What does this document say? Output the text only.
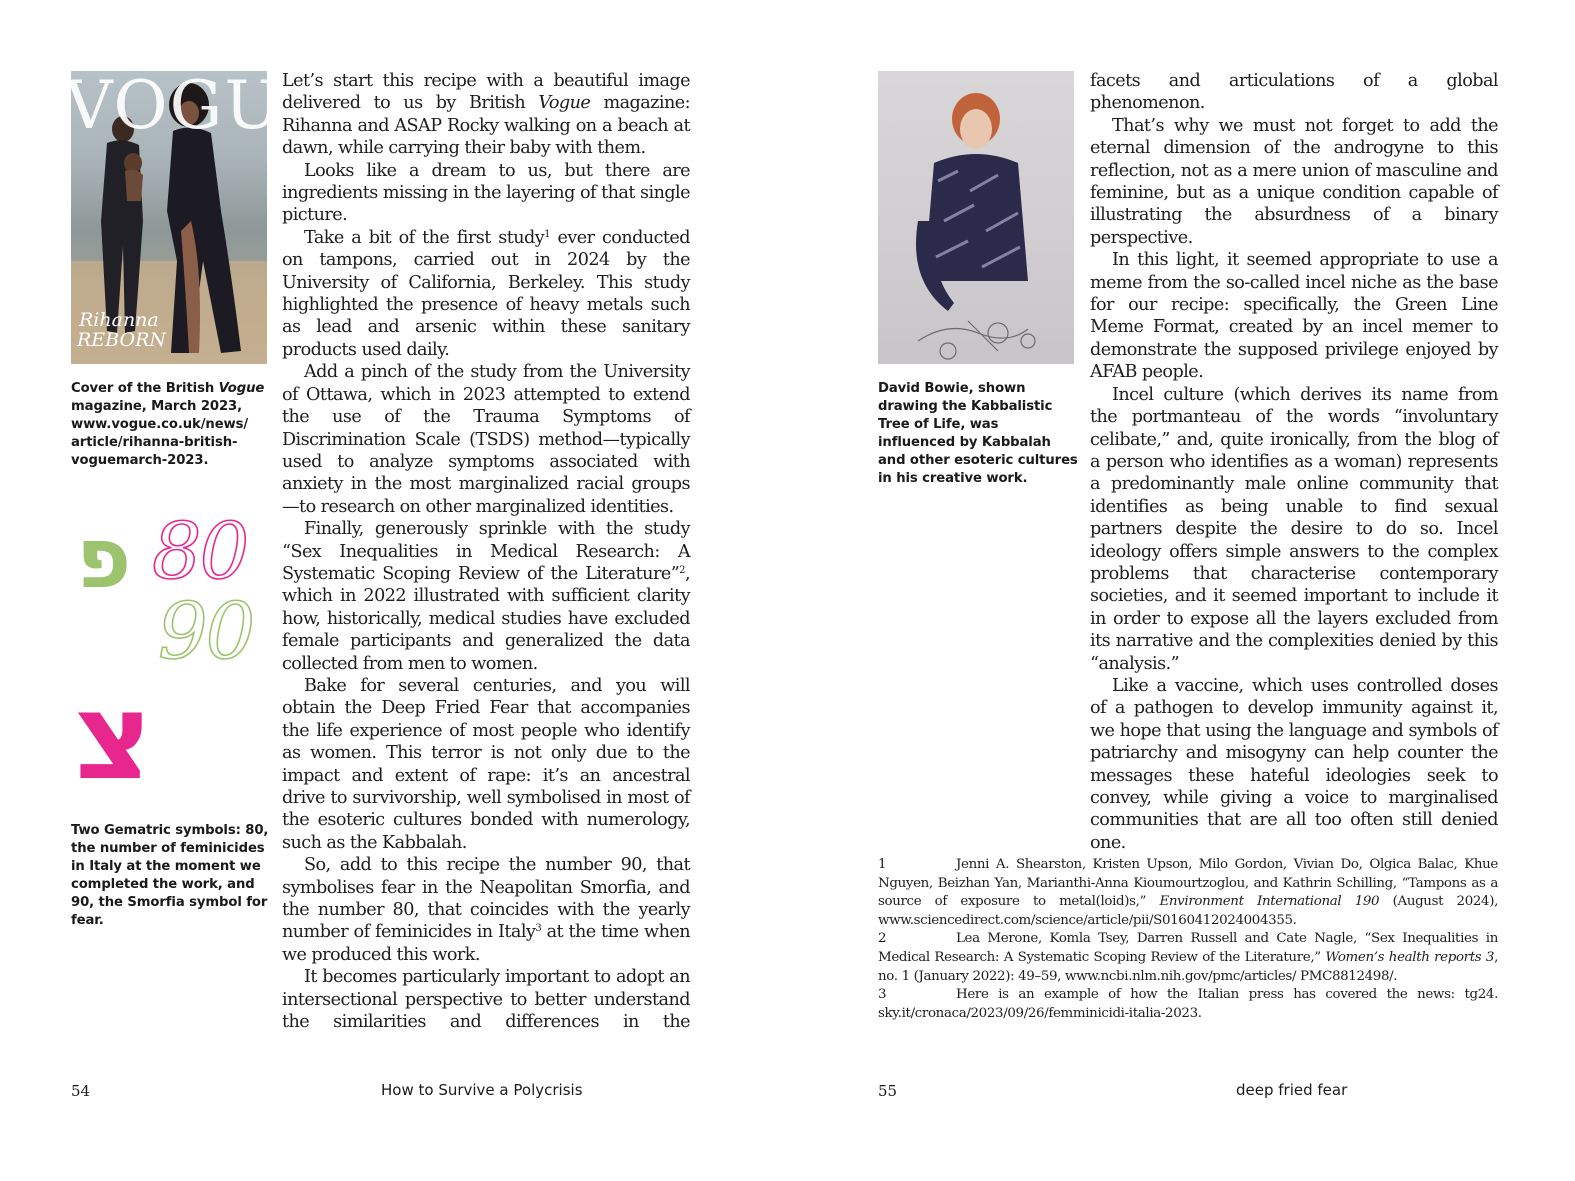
VOGUE
Rihanna
REBORN

Cover of the British Vogue magazine, March 2023, www.vogue.co.uk/news/ article/rihanna-british- voguemarch-2023.

פ 80
90
צ
Two Gematric symbols: 80, the number of feminicides in Italy at the moment we completed the work, and 90, the Smorfia symbol for fear.

Let’s start this recipe with a beautiful image delivered to us by British Vogue magazine: Rihanna and ASAP Rocky walking on a beach at dawn, while carrying their baby with them.

Looks like a dream to us, but there are ingredients missing in the layering of that single picture.

Take a bit of the first study$^1$ ever conducted on tampons, carried out in 2024 by the University of California, Berkeley. This study highlighted the presence of heavy metals such as lead and arsenic within these sanitary products used daily.

Add a pinch of the study from the University of Ottawa, which in 2023 attempted to extend the use of the Trauma Symptoms of Discrimination Scale (TSDS) method—typically used to analyze symptoms associated with anxiety in the most marginalized racial groups—to research on other marginalized identities.

Finally, generously sprinkle with the study “Sex Inequalities in Medical Research: A Systematic Scoping Review of the Literature”$^2$, which in 2022 illustrated with sufficient clarity how, historically, medical studies have excluded female participants and generalized the data collected from men to women.

Bake for several centuries, and you will obtain the Deep Fried Fear that accompanies the life experience of most people who identify as women. This terror is not only due to the impact and extent of rape: it’s an ancestral drive to survivorship, well symbolised in most of the esoteric cultures bonded with numerology, such as the Kabbalah.

So, add to this recipe the number 90, that symbolises fear in the Neapolitan Smorfia, and the number 80, that coincides with the yearly number of feminicides in Italy$^3$ at the time when we produced this work.

It becomes particularly important to adopt an intersectional perspective to better understand the similarities and differences in the

54	How to Survive a Polycrisis
David Bowie, shown drawing the Kabbalistic Tree of Life, was influenced by Kabbalah and other esoteric cultures in his creative work.

facets and articulations of a global phenomenon.

That’s why we must not forget to add the eternal dimension of the androgyne to this reflection, not as a mere union of masculine and feminine, but as a unique condition capable of illustrating the absurdness of a binary perspective.

In this light, it seemed appropriate to use a meme from the so-called incel niche as the base for our recipe: specifically, the Green Line Meme Format, created by an incel memer to demonstrate the supposed privilege enjoyed by AFAB people.

Incel culture (which derives its name from the portmanteau of the words “involuntary celibate,” and, quite ironically, from the blog of a person who identifies as a woman) represents a predominantly male online community that identifies as being unable to find sexual partners despite the desire to do so. Incel ideology offers simple answers to the complex problems that characterise contemporary societies, and it seemed important to include it in order to expose all the layers excluded from its narrative and the complexities denied by this “analysis.”

Like a vaccine, which uses controlled doses of a pathogen to develop immunity against it, we hope that using the language and symbols of patriarchy and misogyny can help counter the messages these hateful ideologies seek to convey, while giving a voice to marginalised communities that are all too often still denied one.

1	Jenni A. Shearston, Kristen Upson, Milo Gordon, Vivian Do, Olgica Balac, Khue Nguyen, Beizhan Yan, Marianthi-Anna Kioumourtzoglou, and Kathrin Schilling, “Tampons as a source of exposure to metal(loid)s,” Environment International 190 (August 2024), www.sciencedirect.com/science/article/pii/S0160412024004355.

2	Lea Merone, Komla Tsey, Darren Russell and Cate Nagle, “Sex Inequalities in Medical Research: A Systematic Scoping Review of the Literature,” Women’s health reports 3, no. 1 (January 2022): 49–59, www.ncbi.nlm.nih.gov/pmc/articles/ PMC8812498/.

3	Here is an example of how the Italian press has covered the news: tg24. sky.it/cronaca/2023/09/26/femminicidi-italia-2023.

55	deep fried fear
